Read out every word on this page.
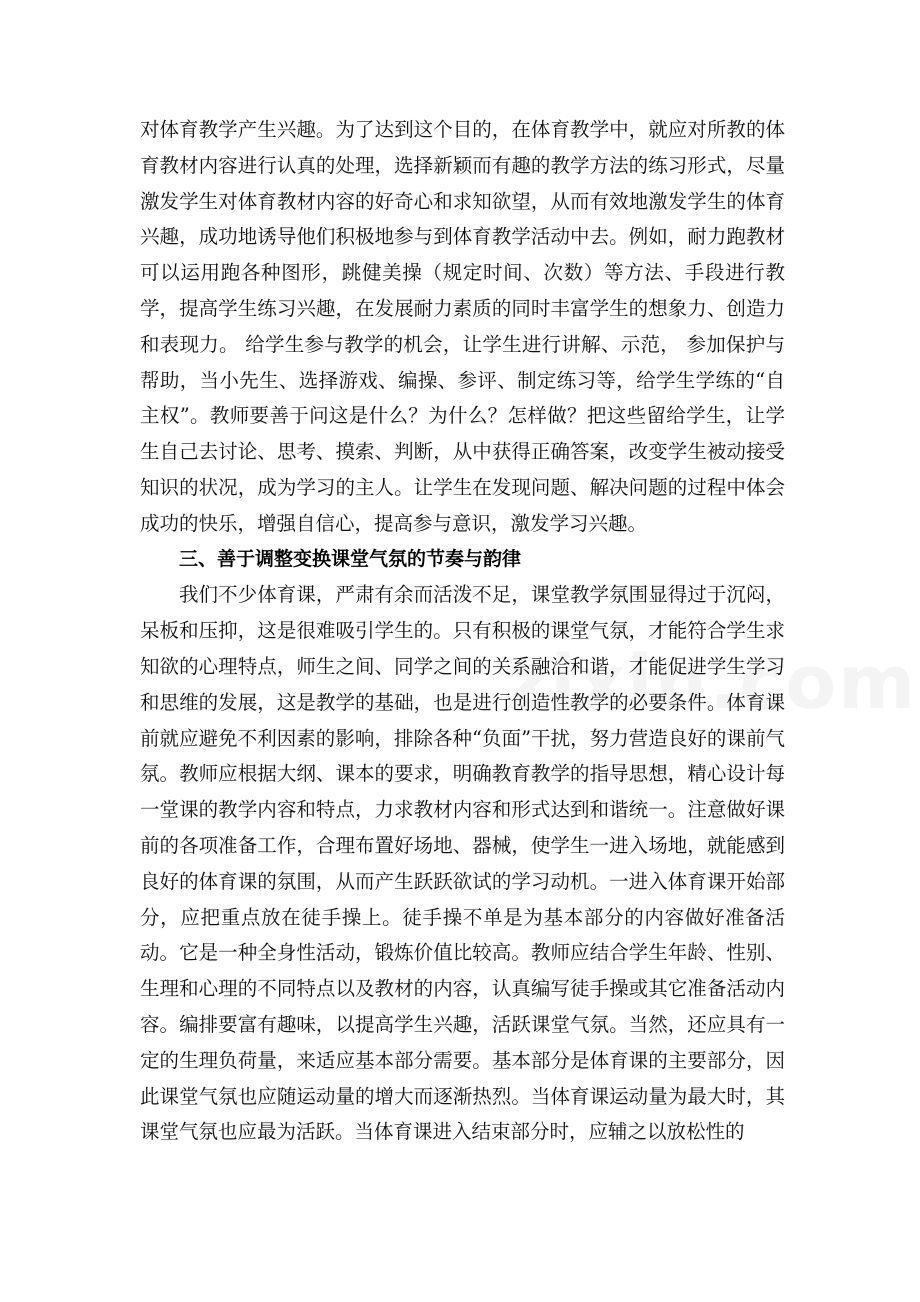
对体育教学产生兴趣。为了达到这个目的，在体育教学中，就应对所教的体育教材内容进行认真的处理，选择新颖而有趣的教学方法的练习形式，尽量激发学生对体育教材内容的好奇心和求知欲望，从而有效地激发学生的体育兴趣，成功地诱导他们积极地参与到体育教学活动中去。例如，耐力跑教材可以运用跑各种图形，跳健美操（规定时间、次数）等方法、手段进行教学，提高学生练习兴趣，在发展耐力素质的同时丰富学生的想象力、创造力和表现力。 给学生参与教学的机会，让学生进行讲解、示范， 参加保护与帮助，当小先生、选择游戏、编操、参评、制定练习等，给学生学练的“自主权”。教师要善于问这是什么？为什么？怎样做？把这些留给学生，让学生自己去讨论、思考、摸索、判断，从中获得正确答案，改变学生被动接受知识的状况，成为学习的主人。让学生在发现问题、解决问题的过程中体会成功的快乐，增强自信心，提高参与意识，激发学习兴趣。

三、善于调整变换课堂气氛的节奏与韵律

我们不少体育课，严肃有余而活泼不足，课堂教学氛围显得过于沉闷，呆板和压抑，这是很难吸引学生的。只有积极的课堂气氛，才能符合学生求知欲的心理特点，师生之间、同学之间的关系融洽和谐，才能促进学生学习和思维的发展，这是教学的基础，也是进行创造性教学的必要条件。体育课前就应避免不利因素的影响，排除各种“负面”干扰，努力营造良好的课前气氛。教师应根据大纲、课本的要求，明确教育教学的指导思想，精心设计每一堂课的教学内容和特点，力求教材内容和形式达到和谐统一。注意做好课前的各项准备工作，合理布置好场地、器械，使学生一进入场地，就能感到良好的体育课的氛围，从而产生跃跃欲试的学习动机。一进入体育课开始部分，应把重点放在徒手操上。徒手操不单是为基本部分的内容做好准备活动。它是一种全身性活动，锻炼价值比较高。教师应结合学生年龄、性别、生理和心理的不同特点以及教材的内容，认真编写徒手操或其它准备活动内容。编排要富有趣味，以提高学生兴趣，活跃课堂气氛。当然，还应具有一定的生理负荷量，来适应基本部分需要。基本部分是体育课的主要部分，因此课堂气氛也应随运动量的增大而逐渐热烈。当体育课运动量为最大时，其课堂气氛也应最为活跃。当体育课进入结束部分时，应辅之以放松性的
